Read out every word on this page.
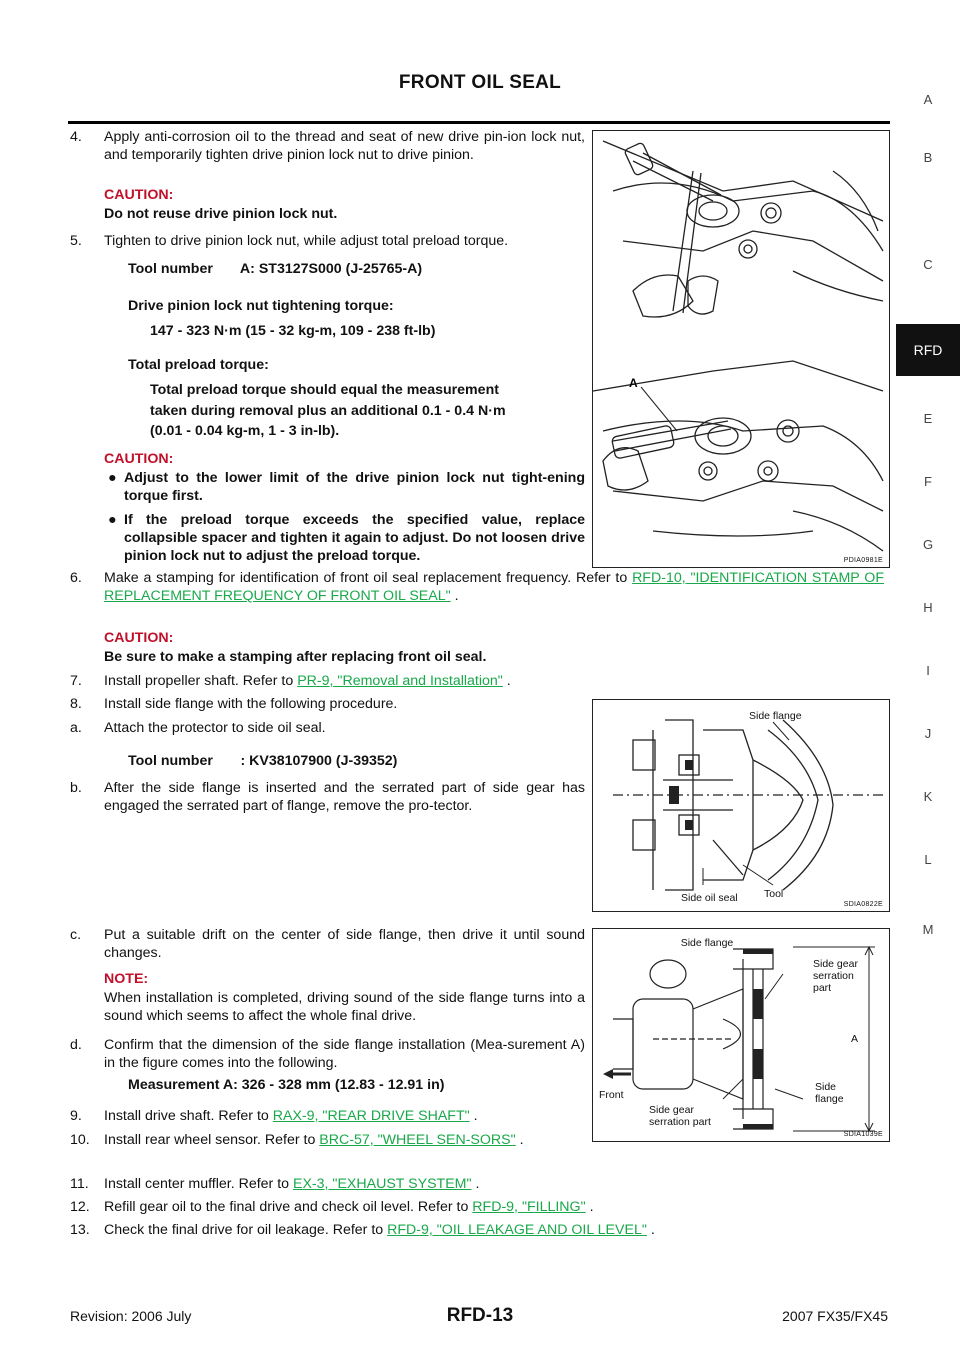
FRONT OIL SEAL
A
B
C
RFD
E
F
G
H
I
J
K
L
M
4. Apply anti-corrosion oil to the thread and seat of new drive pin-ion lock nut, and temporarily tighten drive pinion lock nut to drive pinion.
CAUTION:
Do not reuse drive pinion lock nut.
5. Tighten to drive pinion lock nut, while adjust total preload torque.
Tool number       A: ST3127S000 (J-25765-A)
Drive pinion lock nut tightening torque:
147 - 323 N·m (15 - 32 kg-m, 109 - 238 ft-lb)
Total preload torque:
Total preload torque should equal the measurement
taken during removal plus an additional 0.1 - 0.4 N·m
(0.01 - 0.04 kg-m, 1 - 3 in-lb).
CAUTION:
● Adjust to the lower limit of the drive pinion lock nut tight-ening torque first.
● If the preload torque exceeds the specified value, replace collapsible spacer and tighten it again to adjust. Do not loosen drive pinion lock nut to adjust the preload torque.
6. Make a stamping for identification of front oil seal replacement frequency. Refer to RFD-10, "IDENTIFICATION STAMP OF REPLACEMENT FREQUENCY OF FRONT OIL SEAL" .
CAUTION:
Be sure to make a stamping after replacing front oil seal.
7. Install propeller shaft. Refer to PR-9, "Removal and Installation" .
8. Install side flange with the following procedure.
a. Attach the protector to side oil seal.
Tool number       : KV38107900 (J-39352)
b. After the side flange is inserted and the serrated part of side gear has engaged the serrated part of flange, remove the pro-tector.
c. Put a suitable drift on the center of side flange, then drive it until sound changes.
NOTE:
When installation is completed, driving sound of the side flange turns into a sound which seems to affect the whole final drive.
d. Confirm that the dimension of the side flange installation (Mea-surement A) in the figure comes into the following.
Measurement A: 326 - 328 mm (12.83 - 12.91 in)
9. Install drive shaft. Refer to RAX-9, "REAR DRIVE SHAFT" .
10. Install rear wheel sensor. Refer to BRC-57, "WHEEL SEN-SORS" .
11. Install center muffler. Refer to EX-3, "EXHAUST SYSTEM" .
12. Refill gear oil to the final drive and check oil level. Refer to RFD-9, "FILLING" .
13. Check the final drive for oil leakage. Refer to RFD-9, "OIL LEAKAGE AND OIL LEVEL" .
A
PDIA0981E
Side flange
Side oil seal	Tool
SDIA0822E
Side flange
Side gear serration part
A
Front
Side gear serration part
Side flange
SDIA1039E
Revision: 2006 July	RFD-13	2007 FX35/FX45
